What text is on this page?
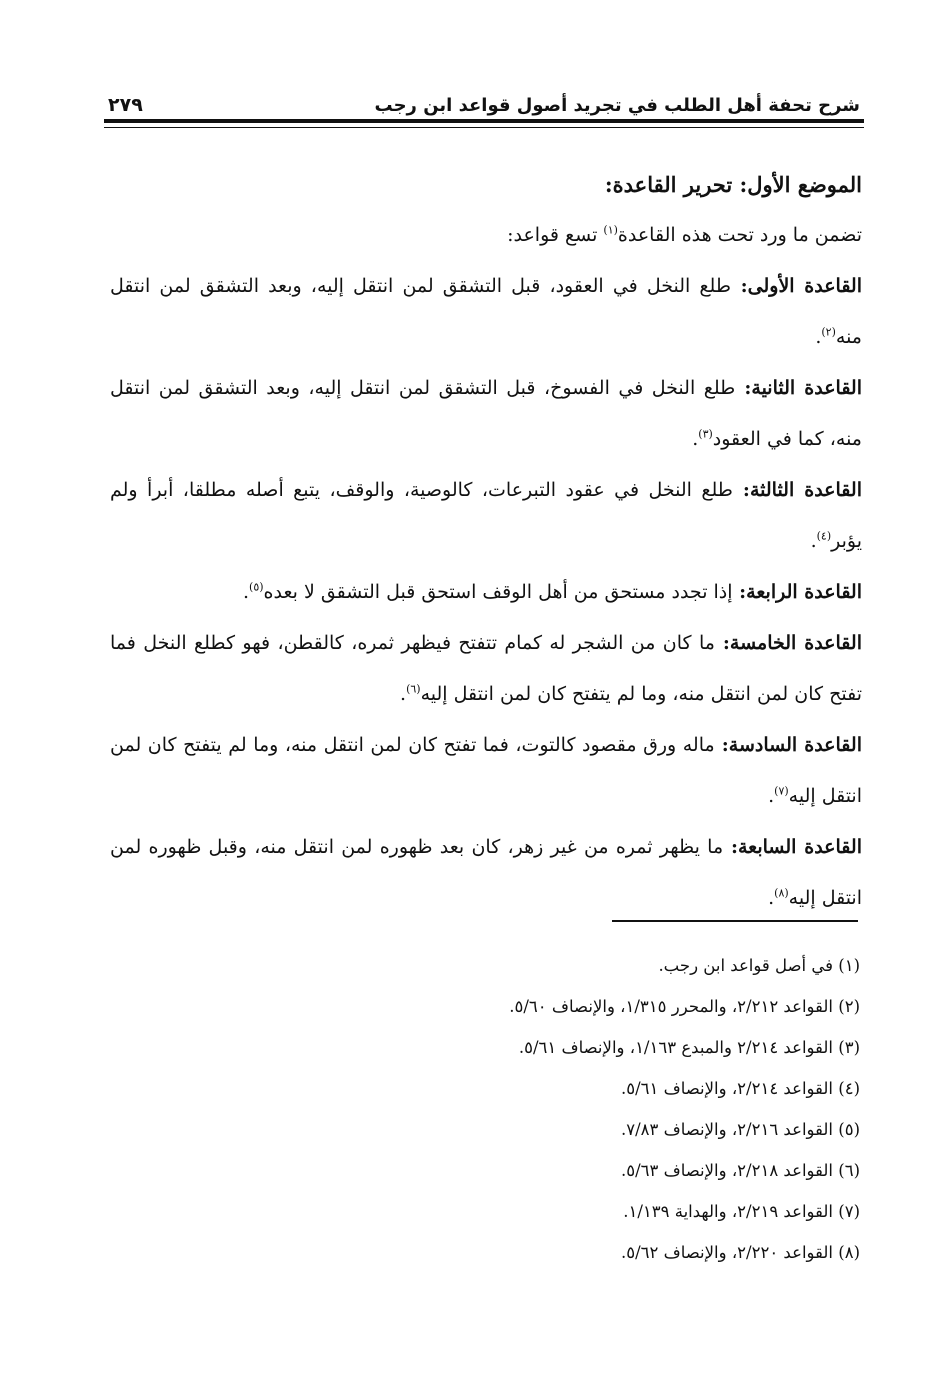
شرح تحفة أهل الطلب في تجريد أصول قواعد ابن رجب
٢٧٩

الموضع الأول: تحرير القاعدة:

تضمن ما ورد تحت هذه القاعدة$^{(١)}$ تسع قواعد:

القاعدة الأولى: طلع النخل في العقود، قبل التشقق لمن انتقل إليه، وبعد التشقق لمن انتقل منه$^{(٢)}$.

القاعدة الثانية: طلع النخل في الفسوخ، قبل التشقق لمن انتقل إليه، وبعد التشقق لمن انتقل منه، كما في العقود$^{(٣)}$.

القاعدة الثالثة: طلع النخل في عقود التبرعات، كالوصية، والوقف، يتبع أصله مطلقا، أبرأ ولم يؤبر$^{(٤)}$.

القاعدة الرابعة: إذا تجدد مستحق من أهل الوقف استحق قبل التشقق لا بعده$^{(٥)}$.

القاعدة الخامسة: ما كان من الشجر له كمام تتفتح فيظهر ثمره، كالقطن، فهو كطلع النخل فما تفتح كان لمن انتقل منه، وما لم يتفتح كان لمن انتقل إليه$^{(٦)}$.

القاعدة السادسة: ماله ورق مقصود كالتوت، فما تفتح كان لمن انتقل منه، وما لم يتفتح كان لمن انتقل إليه$^{(٧)}$.

القاعدة السابعة: ما يظهر ثمره من غير زهر، كان بعد ظهوره لمن انتقل منه، وقبل ظهوره لمن انتقل إليه$^{(٨)}$.

(١) في أصل قواعد ابن رجب.
(٢) القواعد ٢/٢١٢، والمحرر ١/٣١٥، والإنصاف ٥/٦٠.
(٣) القواعد ٢/٢١٤ والمبدع ١/١٦٣، والإنصاف ٥/٦١.
(٤) القواعد ٢/٢١٤، والإنصاف ٥/٦١.
(٥) القواعد ٢/٢١٦، والإنصاف ٧/٨٣.
(٦) القواعد ٢/٢١٨، والإنصاف ٥/٦٣.
(٧) القواعد ٢/٢١٩، والهداية ١/١٣٩.
(٨) القواعد ٢/٢٢٠، والإنصاف ٥/٦٢.
